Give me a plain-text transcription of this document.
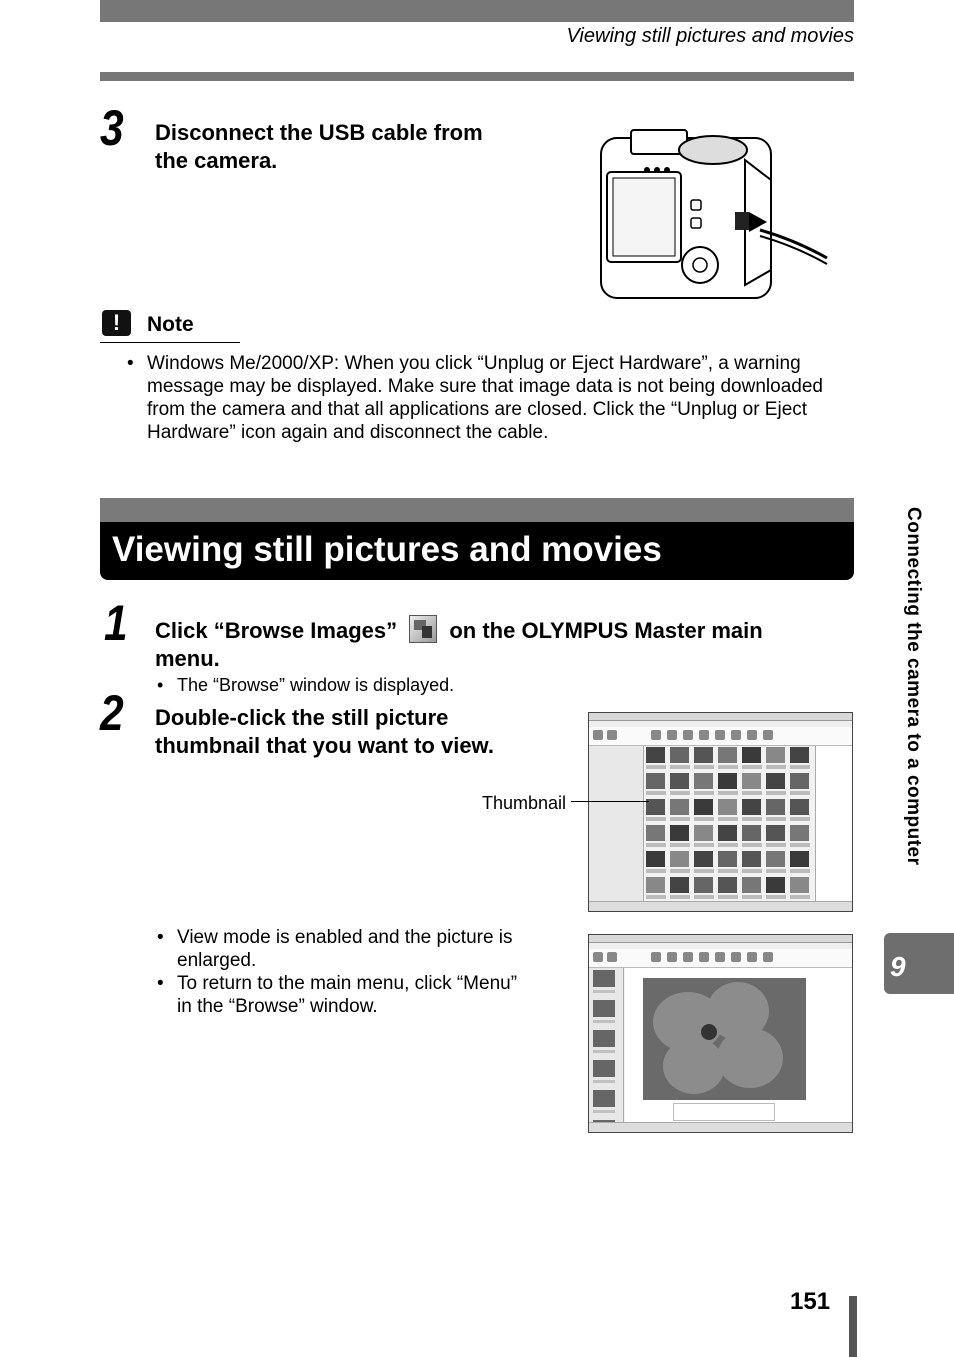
Viewing still pictures and movies
3 Disconnect the USB cable from
the camera.
!	Note
• Windows Me/2000/XP: When you click “Unplug or Eject Hardware”, a warning message may be displayed. Make sure that image data is not being downloaded from the camera and that all applications are closed. Click the “Unplug or Eject Hardware” icon again and disconnect the cable.
Viewing still pictures and movies
1 Click “Browse Images” on the OLYMPUS Master main
menu.
• The “Browse” window is displayed.
2 Double-click the still picture
thumbnail that you want to view.
Thumbnail
• View mode is enabled and the picture is enlarged.
• To return to the main menu, click “Menu” in the “Browse” window.
Connecting the camera to a computer
9
151
